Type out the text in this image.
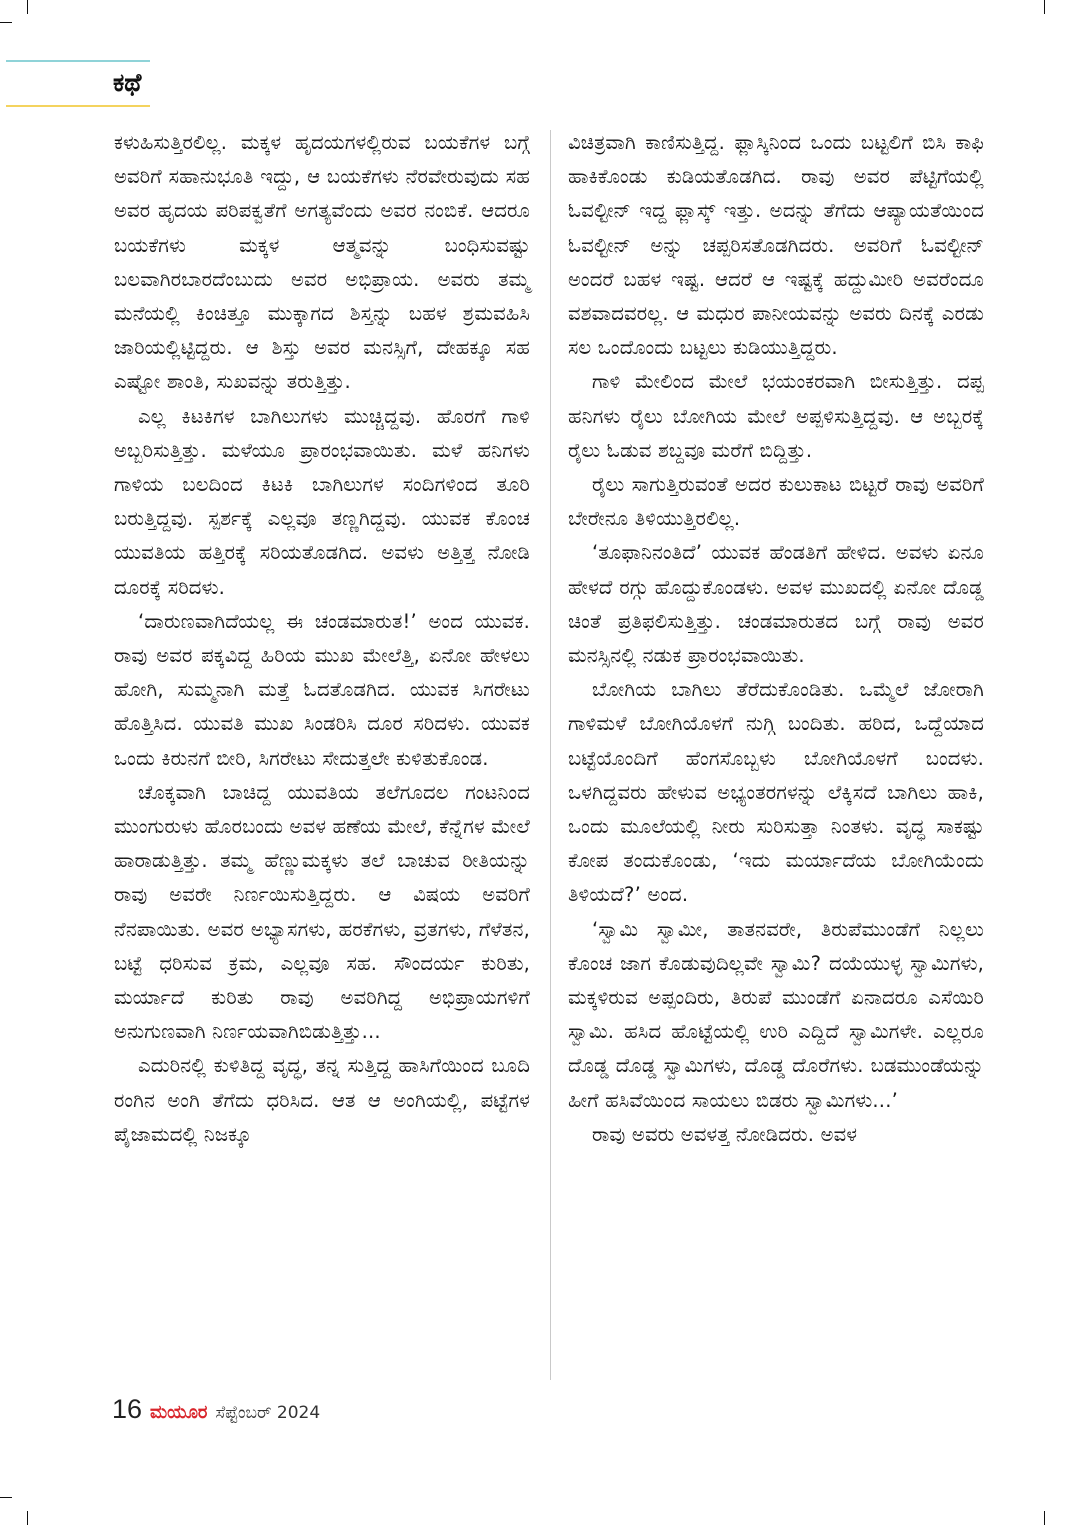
ಕಥೆ

ಕಳುಹಿಸುತ್ತಿರಲಿಲ್ಲ. ಮಕ್ಕಳ ಹೃದಯಗಳಲ್ಲಿರುವ ಬಯಕೆಗಳ ಬಗ್ಗೆ ಅವರಿಗೆ ಸಹಾನುಭೂತಿ ಇದ್ದು, ಆ ಬಯಕೆಗಳು ನೆರವೇರುವುದು ಸಹ ಅವರ ಹೃದಯ ಪರಿಪಕ್ವತೆಗೆ ಅಗತ್ಯವೆಂದು ಅವರ ನಂಬಿಕೆ. ಆದರೂ ಬಯಕೆಗಳು ಮಕ್ಕಳ ಆತ್ಮವನ್ನು ಬಂಧಿಸುವಷ್ಟು ಬಲವಾಗಿರಬಾರದೆಂಬುದು ಅವರ ಅಭಿಪ್ರಾಯ. ಅವರು ತಮ್ಮ ಮನೆಯಲ್ಲಿ ಕಿಂಚಿತ್ತೂ ಮುಕ್ಕಾಗದ ಶಿಸ್ತನ್ನು ಬಹಳ ಶ್ರಮವಹಿಸಿ ಜಾರಿಯಲ್ಲಿಟ್ಟಿದ್ದರು. ಆ ಶಿಸ್ತು ಅವರ ಮನಸ್ಸಿಗೆ, ದೇಹಕ್ಕೂ ಸಹ ಎಷ್ಟೋ ಶಾಂತಿ, ಸುಖವನ್ನು ತರುತ್ತಿತ್ತು.

ಎಲ್ಲ ಕಿಟಕಿಗಳ ಬಾಗಿಲುಗಳು ಮುಚ್ಚಿದ್ದವು. ಹೊರಗೆ ಗಾಳಿ ಅಬ್ಬರಿಸುತ್ತಿತ್ತು. ಮಳೆಯೂ ಪ್ರಾರಂಭವಾಯಿತು. ಮಳೆ ಹನಿಗಳು ಗಾಳಿಯ ಬಲದಿಂದ ಕಿಟಕಿ ಬಾಗಿಲುಗಳ ಸಂದಿಗಳಿಂದ ತೂರಿ ಬರುತ್ತಿದ್ದವು. ಸ್ಪರ್ಶಕ್ಕೆ ಎಲ್ಲವೂ ತಣ್ಣಗಿದ್ದವು. ಯುವಕ ಕೊಂಚ ಯುವತಿಯ ಹತ್ತಿರಕ್ಕೆ ಸರಿಯತೊಡಗಿದ. ಅವಳು ಅತ್ತಿತ್ತ ನೋಡಿ ದೂರಕ್ಕೆ ಸರಿದಳು.

‘ದಾರುಣವಾಗಿದೆಯಲ್ಲ ಈ ಚಂಡಮಾರುತ!’ ಅಂದ ಯುವಕ. ರಾವು ಅವರ ಪಕ್ಕವಿದ್ದ ಹಿರಿಯ ಮುಖ ಮೇಲೆತ್ತಿ, ಏನೋ ಹೇಳಲು ಹೋಗಿ, ಸುಮ್ಮನಾಗಿ ಮತ್ತೆ ಓದತೊಡಗಿದ. ಯುವಕ ಸಿಗರೇಟು ಹೊತ್ತಿಸಿದ. ಯುವತಿ ಮುಖ ಸಿಂಡರಿಸಿ ದೂರ ಸರಿದಳು. ಯುವಕ ಒಂದು ಕಿರುನಗೆ ಬೀರಿ, ಸಿಗರೇಟು ಸೇದುತ್ತಲೇ ಕುಳಿತುಕೊಂಡ.

ಚೊಕ್ಕವಾಗಿ ಬಾಚಿದ್ದ ಯುವತಿಯ ತಲೆಗೂದಲ ಗಂಟನಿಂದ ಮುಂಗುರುಳು ಹೊರಬಂದು ಅವಳ ಹಣೆಯ ಮೇಲೆ, ಕೆನ್ನೆಗಳ ಮೇಲೆ ಹಾರಾಡುತ್ತಿತ್ತು. ತಮ್ಮ ಹೆಣ್ಣುಮಕ್ಕಳು ತಲೆ ಬಾಚುವ ರೀತಿಯನ್ನು ರಾವು ಅವರೇ ನಿರ್ಣಯಿಸುತ್ತಿದ್ದರು. ಆ ವಿಷಯ ಅವರಿಗೆ ನೆನಪಾಯಿತು. ಅವರ ಅಭ್ಯಾಸಗಳು, ಹರಕೆಗಳು, ವ್ರತಗಳು, ಗೆಳೆತನ, ಬಟ್ಟೆ ಧರಿಸುವ ಕ್ರಮ, ಎಲ್ಲವೂ ಸಹ. ಸೌಂದರ್ಯ ಕುರಿತು, ಮರ್ಯಾದೆ ಕುರಿತು ರಾವು ಅವರಿಗಿದ್ದ ಅಭಿಪ್ರಾಯಗಳಿಗೆ ಅನುಗುಣವಾಗಿ ನಿರ್ಣಯವಾಗಿಬಿಡುತ್ತಿತ್ತು...

ಎದುರಿನಲ್ಲಿ ಕುಳಿತಿದ್ದ ವೃದ್ಧ, ತನ್ನ ಸುತ್ತಿದ್ದ ಹಾಸಿಗೆಯಿಂದ ಬೂದಿ ರಂಗಿನ ಅಂಗಿ ತೆಗೆದು ಧರಿಸಿದ. ಆತ ಆ ಅಂಗಿಯಲ್ಲಿ, ಪಟ್ಟೆಗಳ ಪೈಜಾಮದಲ್ಲಿ ನಿಜಕ್ಕೂ

ವಿಚಿತ್ರವಾಗಿ ಕಾಣಿಸುತ್ತಿದ್ದ. ಫ್ಲಾಸ್ಕಿನಿಂದ ಒಂದು ಬಟ್ಟಲಿಗೆ ಬಿಸಿ ಕಾಫಿ ಹಾಕಿಕೊಂಡು ಕುಡಿಯತೊಡಗಿದ. ರಾವು ಅವರ ಪೆಟ್ಟಿಗೆಯಲ್ಲಿ ಓವಲ್ಟೀನ್ ಇದ್ದ ಫ್ಲಾಸ್ಕ್ ಇತ್ತು. ಅದನ್ನು ತೆಗೆದು ಆಪ್ಯಾಯತೆಯಿಂದ ಓವಲ್ಟೀನ್ ಅನ್ನು ಚಪ್ಪರಿಸತೊಡಗಿದರು. ಅವರಿಗೆ ಓವಲ್ಟೀನ್ ಅಂದರೆ ಬಹಳ ಇಷ್ಟ. ಆದರೆ ಆ ಇಷ್ಟಕ್ಕೆ ಹದ್ದುಮೀರಿ ಅವರೆಂದೂ ವಶವಾದವರಲ್ಲ. ಆ ಮಧುರ ಪಾನೀಯವನ್ನು ಅವರು ದಿನಕ್ಕೆ ಎರಡು ಸಲ ಒಂದೊಂದು ಬಟ್ಟಲು ಕುಡಿಯುತ್ತಿದ್ದರು.

ಗಾಳಿ ಮೇಲಿಂದ ಮೇಲೆ ಭಯಂಕರವಾಗಿ ಬೀಸುತ್ತಿತ್ತು. ದಪ್ಪ ಹನಿಗಳು ರೈಲು ಬೋಗಿಯ ಮೇಲೆ ಅಪ್ಪಳಿಸುತ್ತಿದ್ದವು. ಆ ಅಬ್ಬರಕ್ಕೆ ರೈಲು ಓಡುವ ಶಬ್ದವೂ ಮರೆಗೆ ಬಿದ್ದಿತ್ತು.

ರೈಲು ಸಾಗುತ್ತಿರುವಂತೆ ಅದರ ಕುಲುಕಾಟ ಬಿಟ್ಟರೆ ರಾವು ಅವರಿಗೆ ಬೇರೇನೂ ತಿಳಿಯುತ್ತಿರಲಿಲ್ಲ.

‘ತೂಫಾನಿನಂತಿದೆ’ ಯುವಕ ಹೆಂಡತಿಗೆ ಹೇಳಿದ. ಅವಳು ಏನೂ ಹೇಳದೆ ರಗ್ಗು ಹೊದ್ದುಕೊಂಡಳು. ಅವಳ ಮುಖದಲ್ಲಿ ಏನೋ ದೊಡ್ಡ ಚಿಂತೆ ಪ್ರತಿಫಲಿಸುತ್ತಿತ್ತು. ಚಂಡಮಾರುತದ ಬಗ್ಗೆ ರಾವು ಅವರ ಮನಸ್ಸಿನಲ್ಲಿ ನಡುಕ ಪ್ರಾರಂಭವಾಯಿತು.

ಬೋಗಿಯ ಬಾಗಿಲು ತೆರೆದುಕೊಂಡಿತು. ಒಮ್ಮೆಲೆ ಜೋರಾಗಿ ಗಾಳಿಮಳೆ ಬೋಗಿಯೊಳಗೆ ನುಗ್ಗಿ ಬಂದಿತು. ಹರಿದ, ಒದ್ದೆಯಾದ ಬಟ್ಟೆಯೊಂದಿಗೆ ಹೆಂಗಸೊಬ್ಬಳು ಬೋಗಿಯೊಳಗೆ ಬಂದಳು. ಒಳಗಿದ್ದವರು ಹೇಳುವ ಅಭ್ಯಂತರಗಳನ್ನು ಲೆಕ್ಕಿಸದೆ ಬಾಗಿಲು ಹಾಕಿ, ಒಂದು ಮೂಲೆಯಲ್ಲಿ ನೀರು ಸುರಿಸುತ್ತಾ ನಿಂತಳು. ವೃದ್ಧ ಸಾಕಷ್ಟು ಕೋಪ ತಂದುಕೊಂಡು, ‘ಇದು ಮರ್ಯಾದೆಯ ಬೋಗಿಯೆಂದು ತಿಳಿಯದೆ?’ ಅಂದ.

‘ಸ್ವಾಮಿ ಸ್ವಾಮೀ, ತಾತನವರೇ, ತಿರುಪೆಮುಂಡೆಗೆ ನಿಲ್ಲಲು ಕೊಂಚ ಜಾಗ ಕೊಡುವುದಿಲ್ಲವೇ ಸ್ವಾಮಿ? ದಯೆಯುಳ್ಳ ಸ್ವಾಮಿಗಳು, ಮಕ್ಕಳಿರುವ ಅಪ್ಪಂದಿರು, ತಿರುಪೆ ಮುಂಡೆಗೆ ಏನಾದರೂ ಎಸೆಯಿರಿ ಸ್ವಾಮಿ. ಹಸಿದ ಹೊಟ್ಟೆಯಲ್ಲಿ ಉರಿ ಎದ್ದಿದೆ ಸ್ವಾಮಿಗಳೇ. ಎಲ್ಲರೂ ದೊಡ್ಡ ದೊಡ್ಡ ಸ್ವಾಮಿಗಳು, ದೊಡ್ಡ ದೊರೆಗಳು. ಬಡಮುಂಡೆಯನ್ನು ಹೀಗೆ ಹಸಿವೆಯಿಂದ ಸಾಯಲು ಬಿಡರು ಸ್ವಾಮಿಗಳು...’

ರಾವು ಅವರು ಅವಳತ್ತ ನೋಡಿದರು. ಅವಳ

16 ಮಯೂರ ಸೆಪ್ಟೆಂಬರ್ 2024
